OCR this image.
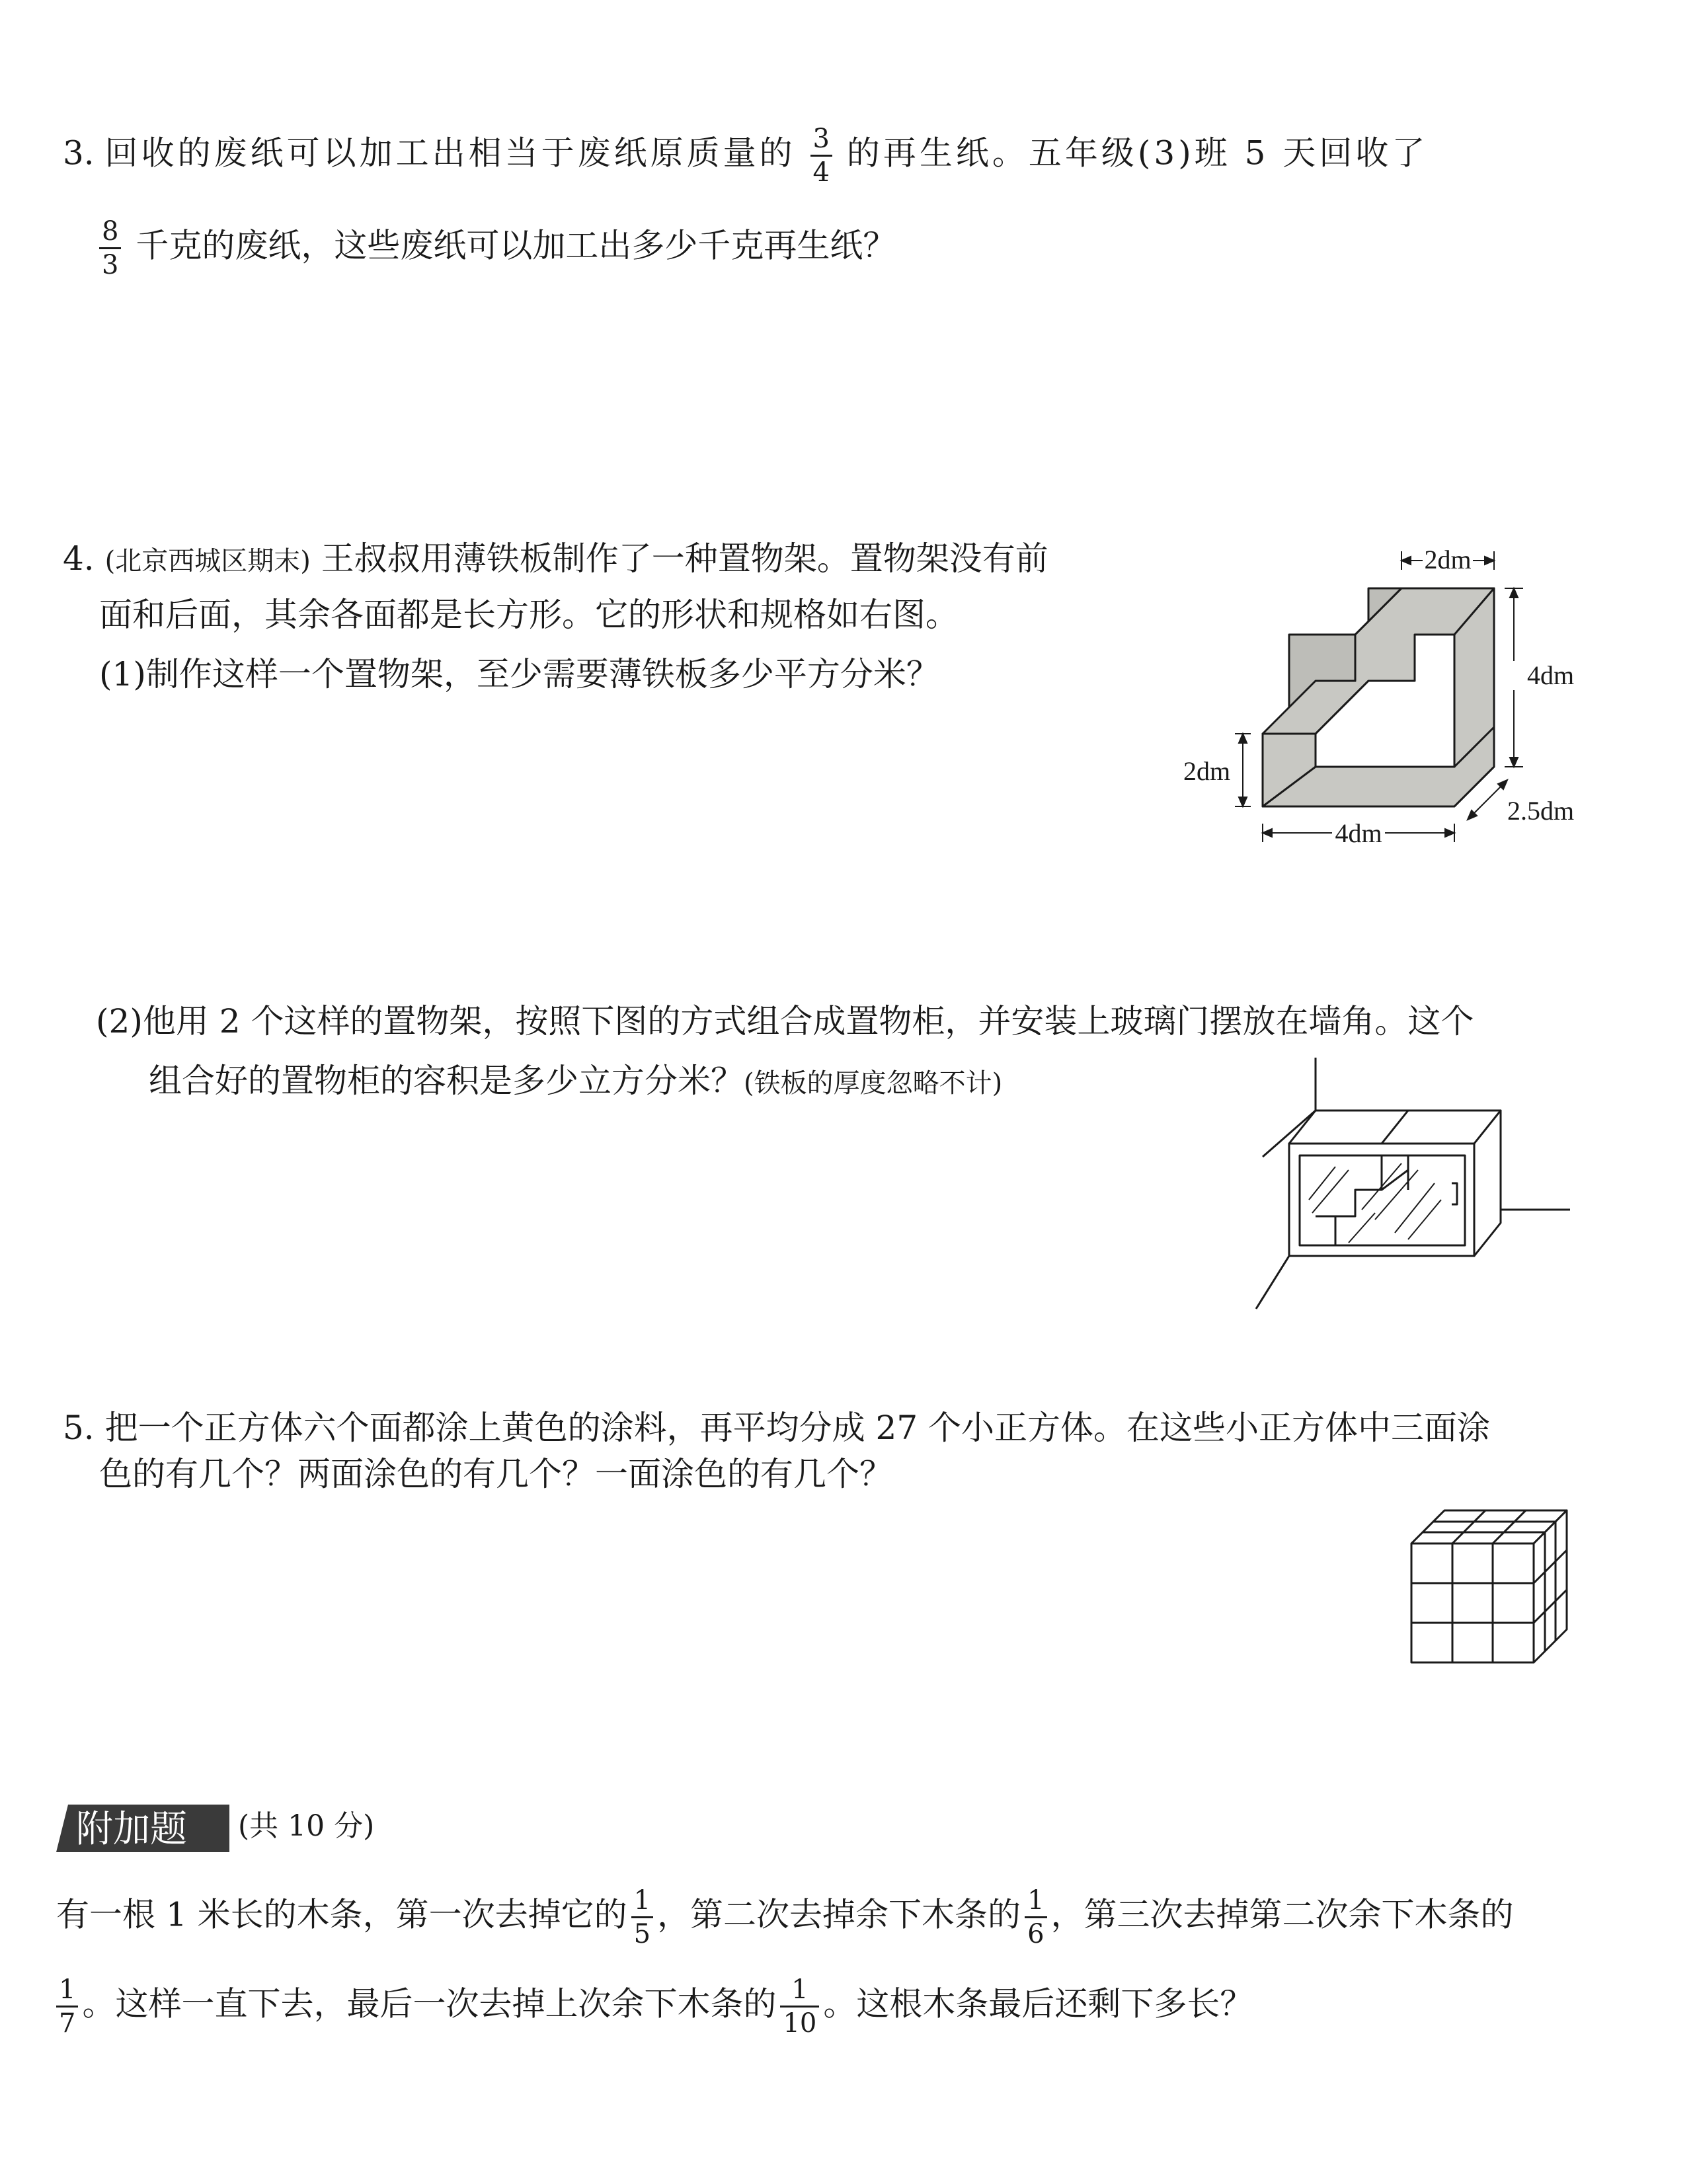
3. 回收的废纸可以加工出相当于废纸原质量的 $\frac{3}{4}$ 的再生纸。五年级(3)班 5 天回收了
$\frac{8}{3}$ 千克的废纸，这些废纸可以加工出多少千克再生纸？
4. (北京西城区期末) 王叔叔用薄铁板制作了一种置物架。置物架没有前
面和后面，其余各面都是长方形。它的形状和规格如右图。
(1)制作这样一个置物架，至少需要薄铁板多少平方分米？
2dm
4dm
2dm
4dm
2.5dm
(2)他用 2 个这样的置物架，按照下图的方式组合成置物柜，并安装上玻璃门摆放在墙角。这个
组合好的置物柜的容积是多少立方分米？(铁板的厚度忽略不计)
5. 把一个正方体六个面都涂上黄色的涂料，再平均分成 27 个小正方体。在这些小正方体中三面涂
色的有几个？两面涂色的有几个？一面涂色的有几个？
附加题 (共 10 分)
有一根 1 米长的木条，第一次去掉它的 $\frac{1}{5}$ ，第二次去掉余下木条的 $\frac{1}{6}$ ，第三次去掉第二次余下木条的
$\frac{1}{7}$ 。这样一直下去，最后一次去掉上次余下木条的 $\frac{1}{10}$ 。这根木条最后还剩下多长？
